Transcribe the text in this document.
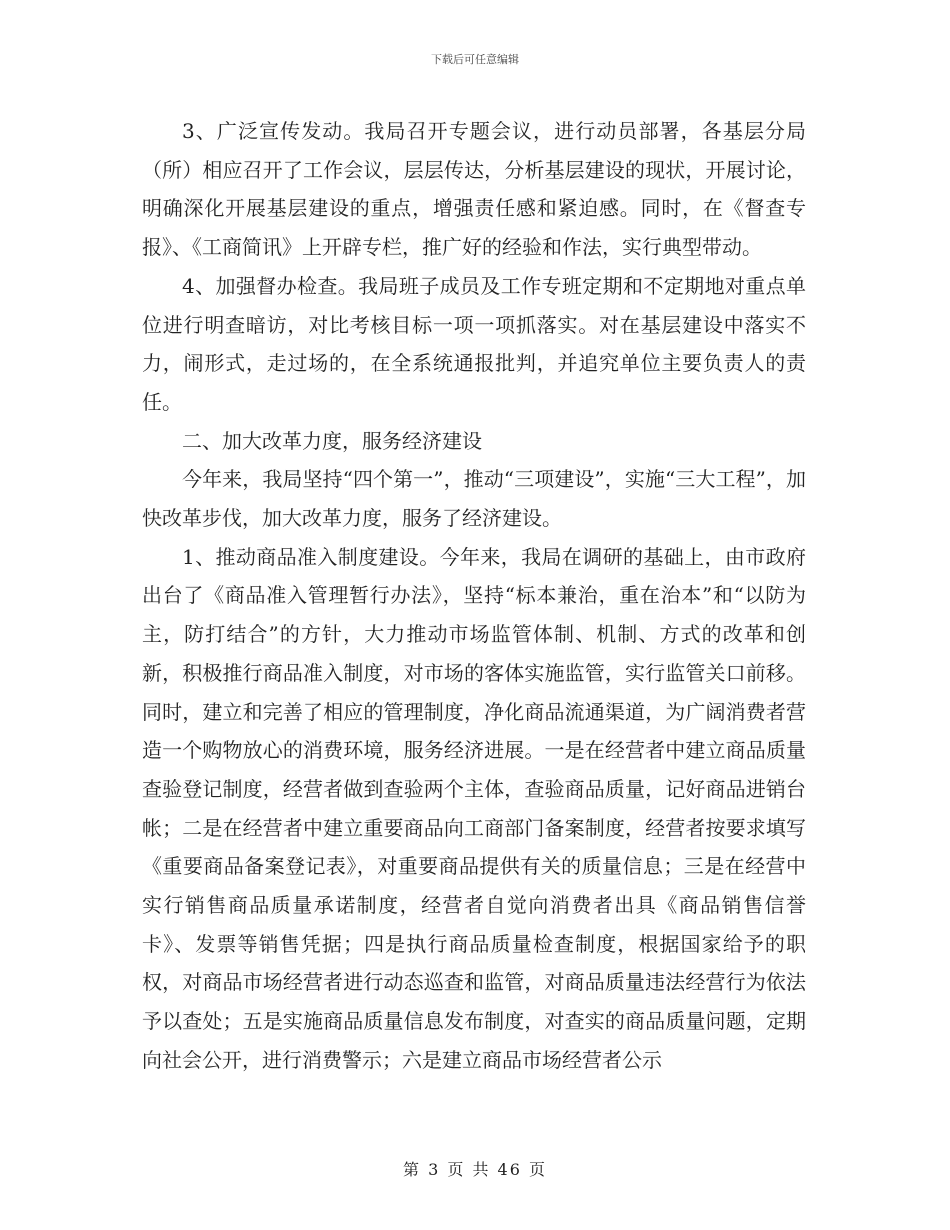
下载后可任意编辑

3、广泛宣传发动。我局召开专题会议，进行动员部署，各基层分局（所）相应召开了工作会议，层层传达，分析基层建设的现状，开展讨论，明确深化开展基层建设的重点，增强责任感和紧迫感。同时，在《督查专报》、《工商简讯》上开辟专栏，推广好的经验和作法，实行典型带动。

4、加强督办检查。我局班子成员及工作专班定期和不定期地对重点单位进行明查暗访，对比考核目标一项一项抓落实。对在基层建设中落实不力，闹形式，走过场的，在全系统通报批判，并追究单位主要负责人的责任。

二、加大改革力度，服务经济建设

今年来，我局坚持“四个第一”，推动“三项建设”，实施“三大工程”，加快改革步伐，加大改革力度，服务了经济建设。

1、推动商品准入制度建设。今年来，我局在调研的基础上，由市政府出台了《商品准入管理暂行办法》，坚持“标本兼治，重在治本”和“以防为主，防打结合”的方针，大力推动市场监管体制、机制、方式的改革和创新，积极推行商品准入制度，对市场的客体实施监管，实行监管关口前移。同时，建立和完善了相应的管理制度，净化商品流通渠道，为广阔消费者营造一个购物放心的消费环境，服务经济进展。一是在经营者中建立商品质量查验登记制度，经营者做到查验两个主体，查验商品质量，记好商品进销台帐；二是在经营者中建立重要商品向工商部门备案制度，经营者按要求填写《重要商品备案登记表》，对重要商品提供有关的质量信息；三是在经营中实行销售商品质量承诺制度，经营者自觉向消费者出具《商品销售信誉卡》、发票等销售凭据；四是执行商品质量检查制度，根据国家给予的职权，对商品市场经营者进行动态巡查和监管，对商品质量违法经营行为依法予以查处；五是实施商品质量信息发布制度，对查实的商品质量问题，定期向社会公开，进行消费警示；六是建立商品市场经营者公示

第 3 页 共 46 页
